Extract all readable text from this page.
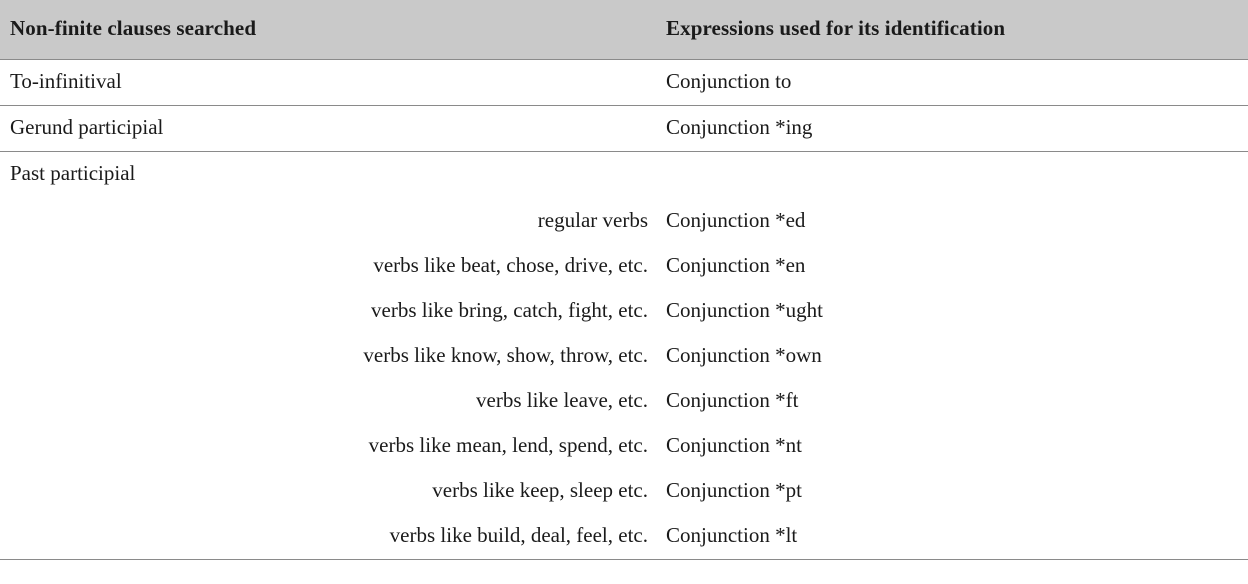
Non-finite clauses searched	Expressions used for its identification
To-infinitival	Conjunction to
Gerund participial	Conjunction *ing

Past participial	

regular verbs	Conjunction *ed
verbs like beat, chose, drive, etc.	Conjunction *en
verbs like bring, catch, fight, etc.	Conjunction *ught
verbs like know, show, throw, etc.	Conjunction *own
verbs like leave, etc.	Conjunction *ft
verbs like mean, lend, spend, etc.	Conjunction *nt
verbs like keep, sleep etc.	Conjunction *pt
verbs like build, deal, feel, etc.	Conjunction *lt
